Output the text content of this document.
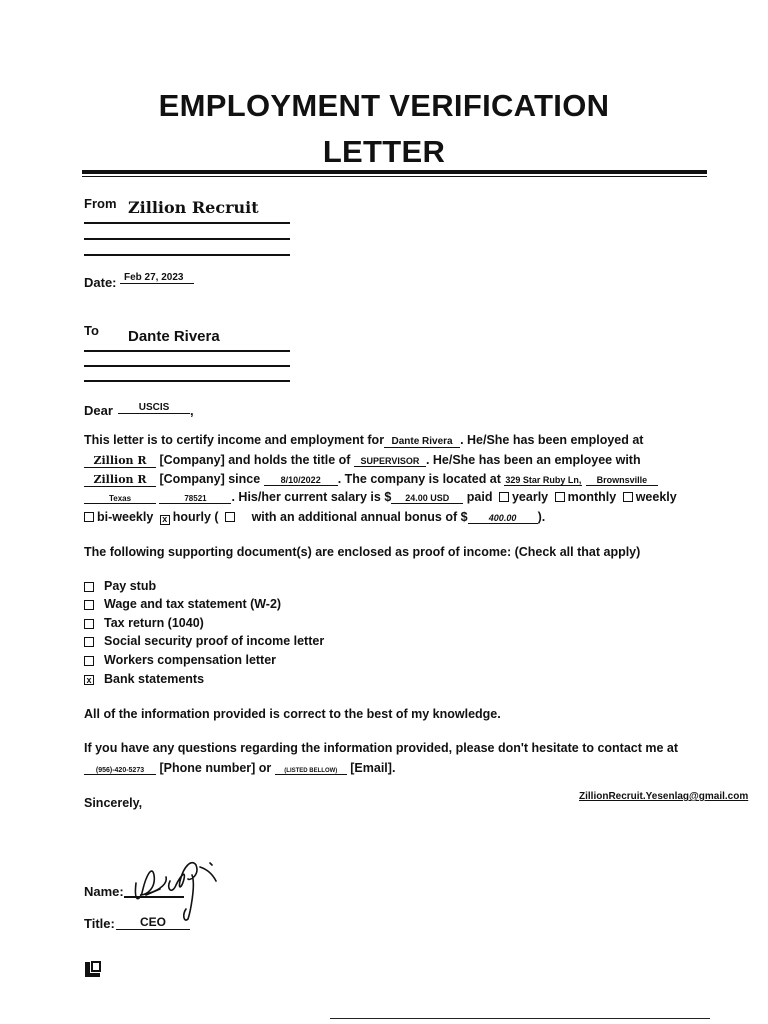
EMPLOYMENT VERIFICATION
LETTER
From Zillion Recruit
Date: Feb 27, 2023
To Dante Rivera
Dear	USCIS	,
This letter is to certify income and employment for Dante Rivera . He/She has been employed at
Zillion R [Company] and holds the title of SUPERVISOR . He/She has been an employee with
Zillion R [Company] since 8/10/2022 . The company is located at 329 Star Ruby Ln, Brownsville
Texas	78521 . His/her current salary is $ 24.00 USD paid yearly monthly weekly
bi-weekly x hourly (	with an additional annual bonus of $ 400.00 ).
The following supporting document(s) are enclosed as proof of income: (Check all that apply)
Pay stub
Wage and tax statement (W-2)
Tax return (1040)
Social security proof of income letter
Workers compensation letter
x Bank statements
All of the information provided is correct to the best of my knowledge.
If you have any questions regarding the information provided, please don't hesitate to contact me at
(956)-420-5273 [Phone number] or (LISTED BELLOW) [Email].
ZillionRecruit.Yesenlag@gmail.com
Sincerely,
Name:
Title:	CEO
